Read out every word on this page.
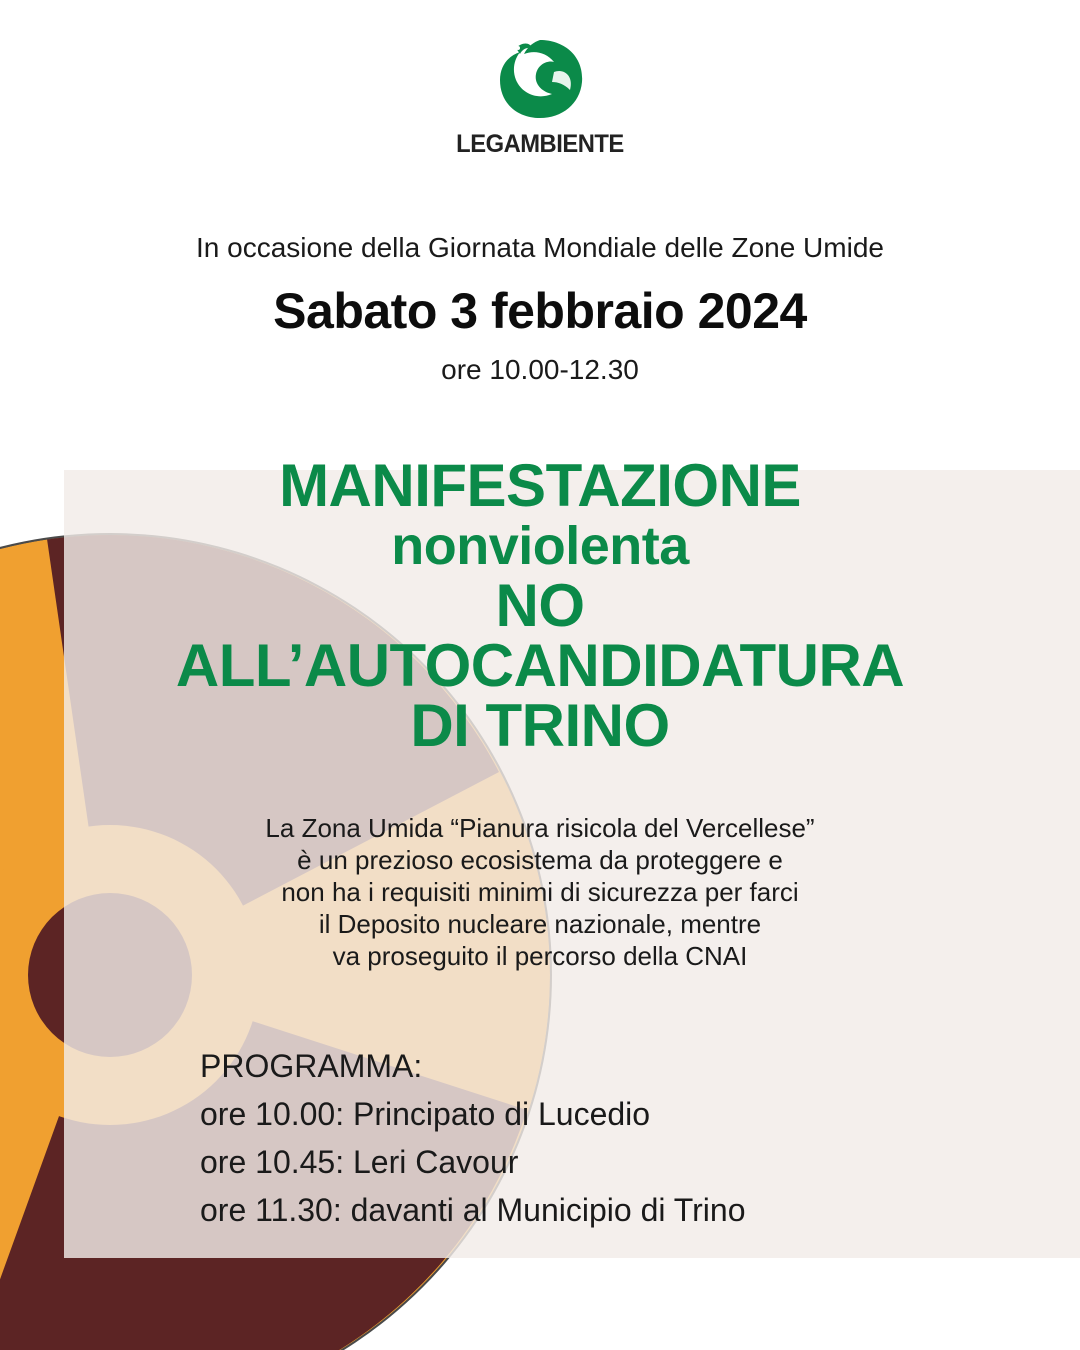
LEGAMBIENTE
In occasione della Giornata Mondiale delle Zone Umide
Sabato 3 febbraio 2024
ore 10.00-12.30
MANIFESTAZIONE
nonviolenta
NO
ALL’AUTOCANDIDATURA
DI TRINO
La Zona Umida “Pianura risicola del Vercellese”
è un prezioso ecosistema da proteggere e
non ha i requisiti minimi di sicurezza per farci
il Deposito nucleare nazionale, mentre
va proseguito il percorso della CNAI
PROGRAMMA:
ore 10.00: Principato di Lucedio
ore 10.45: Leri Cavour
ore 11.30: davanti al Municipio di Trino
